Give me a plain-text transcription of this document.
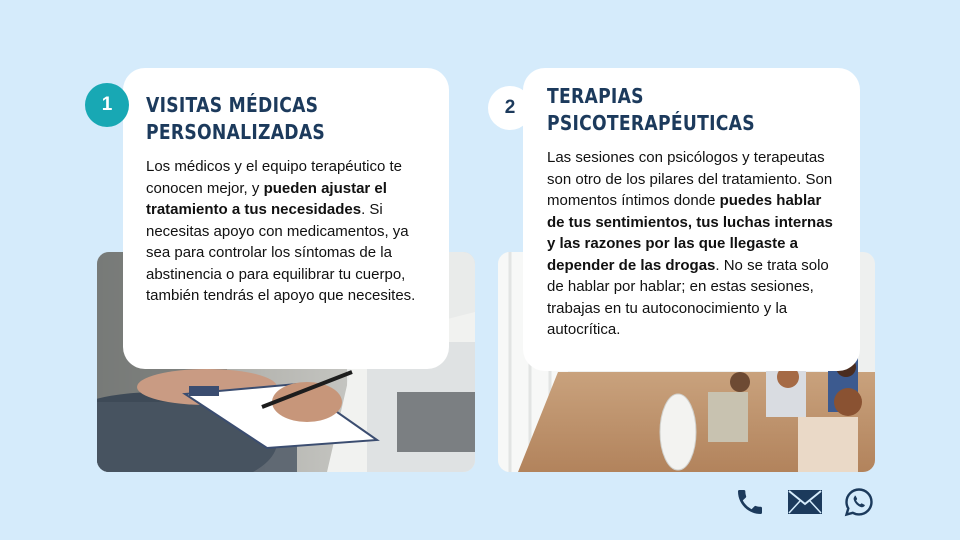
1 VISITAS MÉDICAS
PERSONALIZADAS

Los médicos y el equipo terapéutico te conocen mejor, y pueden ajustar el tratamiento a tus necesidades. Si necesitas apoyo con medicamentos, ya sea para controlar los síntomas de la abstinencia o para equilibrar tu cuerpo, también tendrás el apoyo que necesites.

2 TERAPIAS
PSICOTERAPÉUTICAS

Las sesiones con psicólogos y terapeutas son otro de los pilares del tratamiento. Son momentos íntimos donde puedes hablar de tus sentimientos, tus luchas internas y las razones por las que llegaste a depender de las drogas. No se trata solo de hablar por hablar; en estas sesiones, trabajas en tu autoconocimiento y la autocrítica.
